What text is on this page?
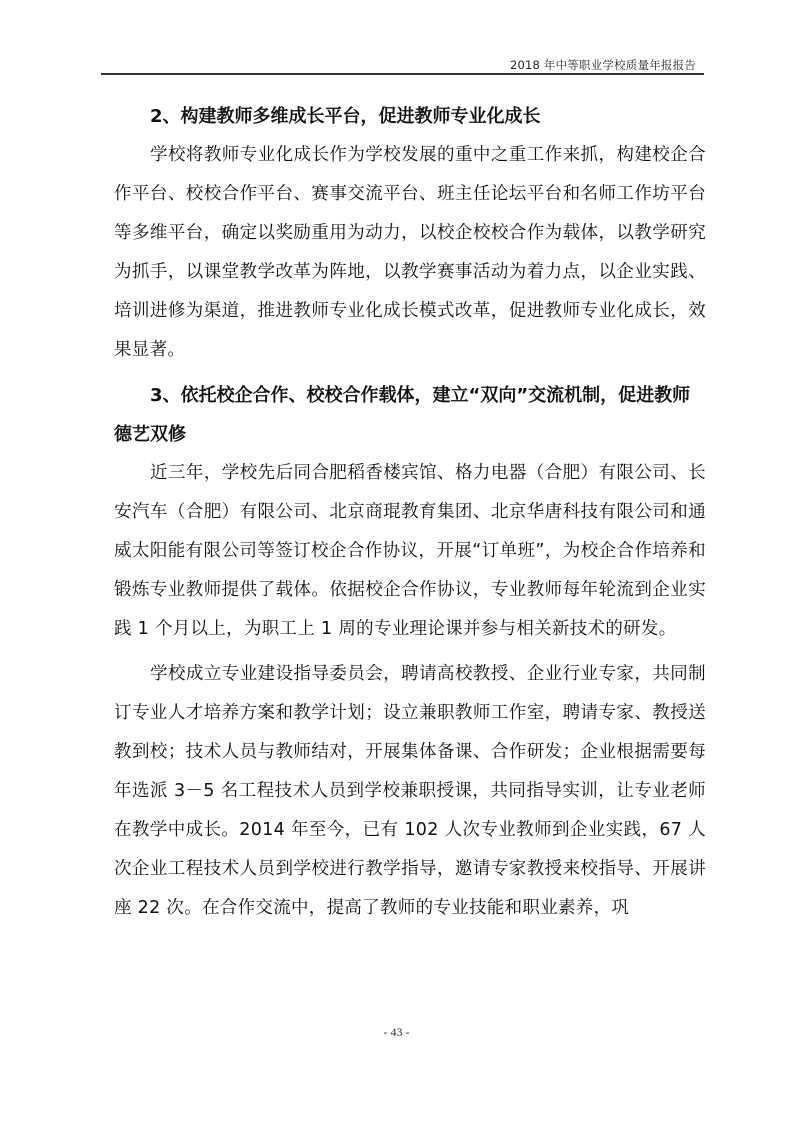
2018 年中等职业学校质量年报报告

2、构建教师多维成长平台，促进教师专业化成长

学校将教师专业化成长作为学校发展的重中之重工作来抓，构建校企合作平台、校校合作平台、赛事交流平台、班主任论坛平台和名师工作坊平台等多维平台，确定以奖励重用为动力，以校企校校合作为载体，以教学研究为抓手，以课堂教学改革为阵地，以教学赛事活动为着力点，以企业实践、培训进修为渠道，推进教师专业化成长模式改革，促进教师专业化成长，效果显著。

3、依托校企合作、校校合作载体，建立“双向”交流机制，促进教师德艺双修

近三年，学校先后同合肥稻香楼宾馆、格力电器（合肥）有限公司、长安汽车（合肥）有限公司、北京商琨教育集团、北京华唐科技有限公司和通威太阳能有限公司等签订校企合作协议，开展“订单班”，为校企合作培养和锻炼专业教师提供了载体。依据校企合作协议，专业教师每年轮流到企业实践 1 个月以上，为职工上 1 周的专业理论课并参与相关新技术的研发。

学校成立专业建设指导委员会，聘请高校教授、企业行业专家，共同制订专业人才培养方案和教学计划；设立兼职教师工作室，聘请专家、教授送教到校；技术人员与教师结对，开展集体备课、合作研发；企业根据需要每年选派 3－5 名工程技术人员到学校兼职授课，共同指导实训，让专业老师在教学中成长。2014 年至今，已有 102 人次专业教师到企业实践，67 人次企业工程技术人员到学校进行教学指导，邀请专家教授来校指导、开展讲座 22 次。在合作交流中，提高了教师的专业技能和职业素养，巩

- 43 -
